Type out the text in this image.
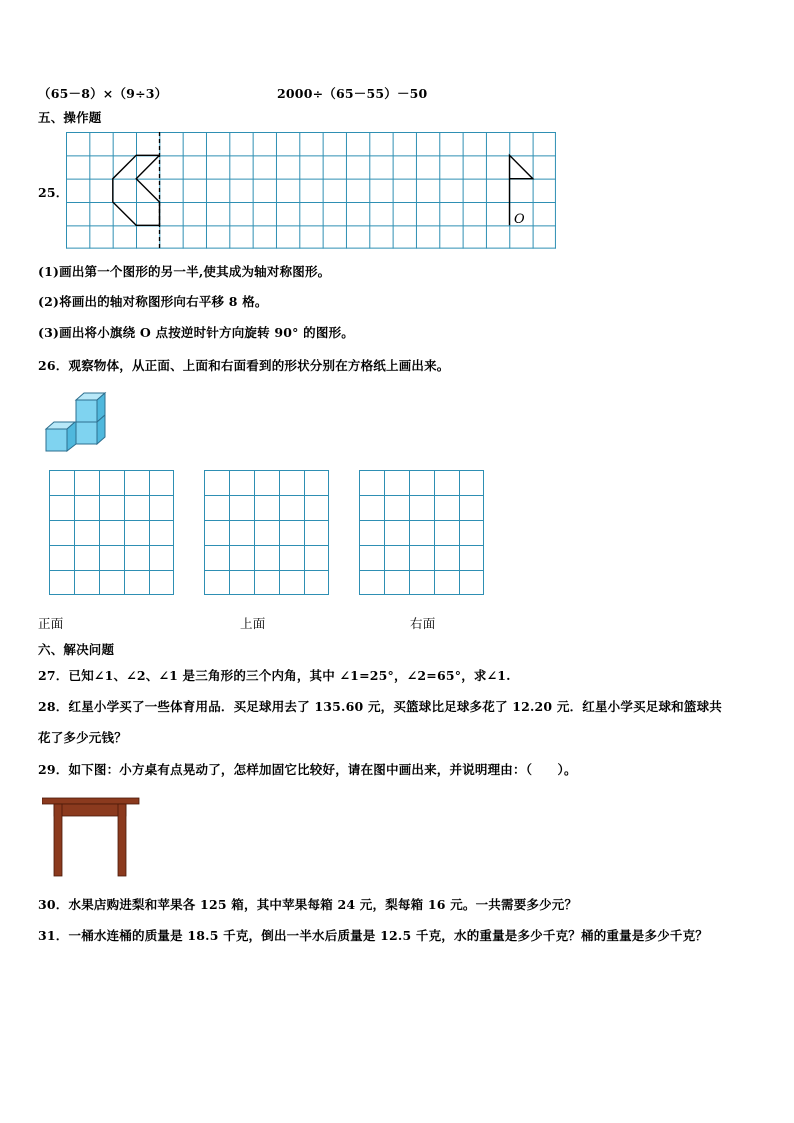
（65－8）×（9÷3）	2000÷（65－55）－50
五、操作题
25．
O
(1)画出第一个图形的另一半,使其成为轴对称图形。
(2)将画出的轴对称图形向右平移 8 格。
(3)画出将小旗绕 O 点按逆时针方向旋转 90° 的图形。
26．观察物体，从正面、上面和右面看到的形状分别在方格纸上画出来。
正面	上面	右面
六、解决问题
27．已知∠1、∠2、∠1 是三角形的三个内角，其中 ∠1=25°，∠2=65°，求∠1.
28．红星小学买了一些体育用品．买足球用去了 135.60 元，买篮球比足球多花了 12.20 元．红星小学买足球和篮球共
花了多少元钱？
29．如下图：小方桌有点晃动了，怎样加固它比较好，请在图中画出来，并说明理由：（　　）。
30．水果店购进梨和苹果各 125 箱，其中苹果每箱 24 元，梨每箱 16 元。一共需要多少元？
31．一桶水连桶的质量是 18.5 千克，倒出一半水后质量是 12.5 千克，水的重量是多少千克？桶的重量是多少千克？
